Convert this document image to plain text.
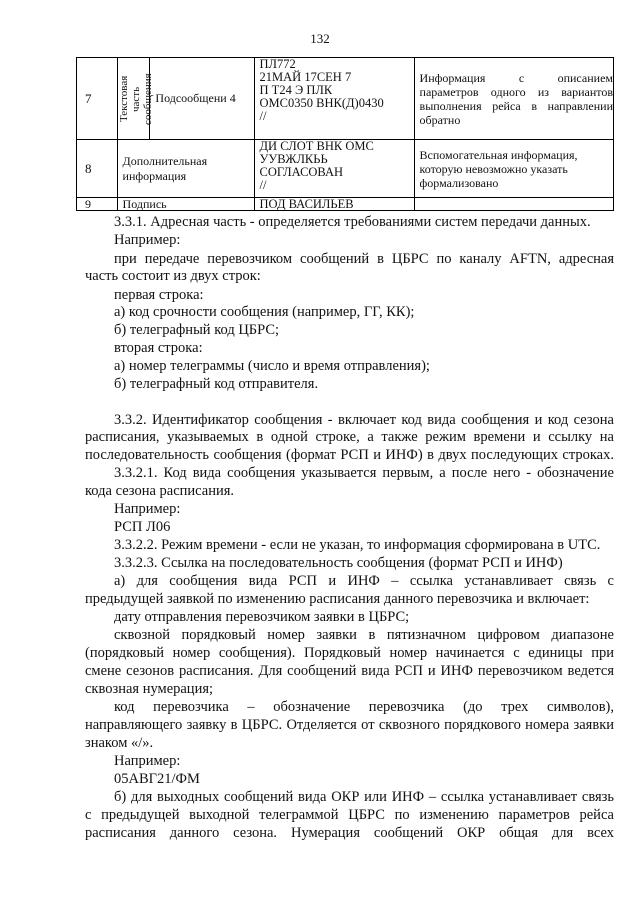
132
7	Текстовая часть сообщения	Подсообщени 4	ПЛ772
21МАЙ 17СЕН 7
П Т24 Э ПЛК
ОМС0350 ВНК(Д)0430
//	Информация с описанием
параметров одного из вариантов
выполнения рейса в направлении
обратно

8	Дополнительная
информация		ДИ СЛОТ ВНК ОМС
УУВЖЛКЬЬ
СОГЛАСОВАН
//	Вспомогательная информация,
которую невозможно указать
формализовано

9	Подпись		ПОД ВАСИЛЬЕВ	
3.3.1. Адресная часть - определяется требованиями систем передачи данных.
Например:
при передаче перевозчиком сообщений в ЦБРС по каналу AFTN, адресная
часть состоит из двух строк:
первая строка:
а) код срочности сообщения (например, ГГ, КК);
б) телеграфный код ЦБРС;
вторая строка:
а) номер телеграммы (число и время отправления);
б) телеграфный код отправителя.
3.3.2. Идентификатор сообщения - включает код вида сообщения и код сезона
расписания, указываемых в одной строке, а также режим времени и ссылку на
последовательность сообщения (формат РСП и ИНФ) в двух последующих строках.
3.3.2.1. Код вида сообщения указывается первым, а после него - обозначение
кода сезона расписания.
Например:
РСП Л06
3.3.2.2. Режим времени - если не указан, то информация сформирована в UTC.
3.3.2.3. Ссылка на последовательность сообщения (формат РСП и ИНФ)
а) для сообщения вида РСП и ИНФ – ссылка устанавливает связь с
предыдущей заявкой по изменению расписания данного перевозчика и включает:
дату отправления перевозчиком заявки в ЦБРС;
сквозной порядковый номер заявки в пятизначном цифровом диапазоне
(порядковый номер сообщения). Порядковый номер начинается с единицы при
смене сезонов расписания. Для сообщений вида РСП и ИНФ перевозчиком ведется
сквозная нумерация;
код перевозчика – обозначение перевозчика (до трех символов),
направляющего заявку в ЦБРС. Отделяется от сквозного порядкового номера заявки
знаком «/».
Например:
05АВГ21/ФМ
б) для выходных сообщений вида ОКР или ИНФ – ссылка устанавливает связь
с предыдущей выходной телеграммой ЦБРС по изменению параметров рейса
расписания данного сезона. Нумерация сообщений ОКР общая для всех
